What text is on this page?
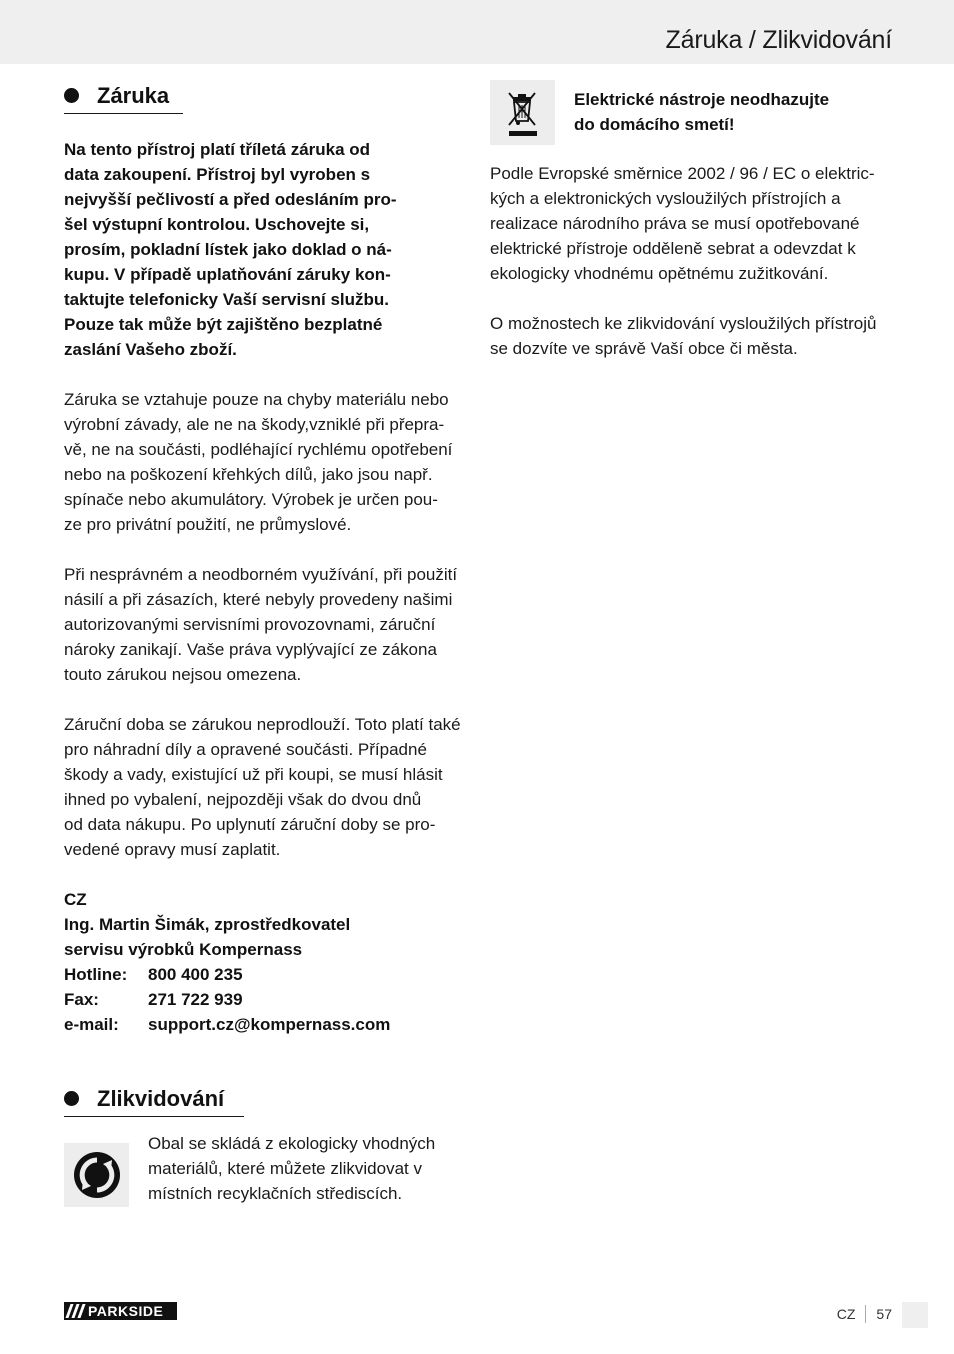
Záruka / Zlikvidování
Záruka
Na tento přístroj platí tříletá záruka od
data zakoupení. Přístroj byl vyroben s
nejvyšší pečlivostí a před odesláním pro-
šel výstupní kontrolou. Uschovejte si,
prosím, pokladní lístek jako doklad o ná-
kupu. V případě uplatňování záruky kon-
taktujte telefonicky Vaší servisní službu.
Pouze tak může být zajištěno bezplatné
zaslání Vašeho zboží.
Záruka se vztahuje pouze na chyby materiálu nebo
výrobní závady, ale ne na škody,vzniklé při přepra-
vě, ne na součásti, podléhající rychlému opotřebení
nebo na poškození křehkých dílů, jako jsou např.
spínače nebo akumulátory. Výrobek je určen pou-
ze pro privátní použití, ne průmyslové.
Při nesprávném a neodborném využívání, při použití
násilí a při zásazích, které nebyly provedeny našimi
autorizovanými servisními provozovnami, záruční
nároky zanikají. Vaše práva vyplývající ze zákona
touto zárukou nejsou omezena.
Záruční doba se zárukou neprodlouží. Toto platí také
pro náhradní díly a opravené součásti. Případné
škody a vady, existující už při koupi, se musí hlásit
ihned po vybalení, nejpozději však do dvou dnů
od data nákupu. Po uplynutí záruční doby se pro-
vedené opravy musí zaplatit.
CZ
Ing. Martin Šimák, zprostředkovatel
servisu výrobků Kompernass
Hotline:	800 400 235
Fax:	271 722 939
e-mail:	support.cz@kompernass.com
Zlikvidování
Obal se skládá z ekologicky vhodných
materiálů, které můžete zlikvidovat v
místních recyklačních střediscích.
Elektrické nástroje neodhazujte
do domácího smetí!
Podle Evropské směrnice 2002 / 96 / EC o elektric-
kých a elektronických vysloužilých přístrojích a
realizace národního práva se musí opotřebované
elektrické přístroje odděleně sebrat a odevzdat k
ekologicky vhodnému opětnému zužitkování.
O možnostech ke zlikvidování vysloužilých přístrojů
se dozvíte ve správě Vaší obce či města.
PARKSIDE	CZ 57
